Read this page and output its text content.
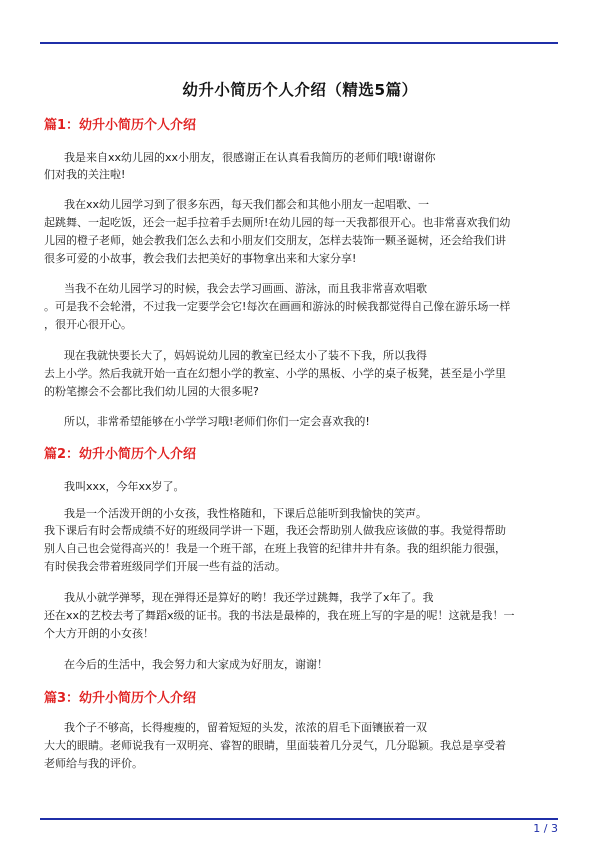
幼升小简历个人介绍（精选5篇）
篇1：幼升小简历个人介绍
我是来自xx幼儿园的xx小朋友，很感谢正在认真看我简历的老师们哦!谢谢你
们对我的关注啦!
我在xx幼儿园学习到了很多东西，每天我们都会和其他小朋友一起唱歌、一
起跳舞、一起吃饭，还会一起手拉着手去厕所!在幼儿园的每一天我都很开心。也非常喜欢我们幼
儿园的橙子老师，她会教我们怎么去和小朋友们交朋友，怎样去装饰一颗圣诞树，还会给我们讲
很多可爱的小故事，教会我们去把美好的事物拿出来和大家分享!
当我不在幼儿园学习的时候，我会去学习画画、游泳，而且我非常喜欢唱歌
。可是我不会轮滑，不过我一定要学会它!每次在画画和游泳的时候我都觉得自己像在游乐场一样
，很开心很开心。
现在我就快要长大了，妈妈说幼儿园的教室已经太小了装不下我，所以我得
去上小学。然后我就开始一直在幻想小学的教室、小学的黑板、小学的桌子板凳，甚至是小学里
的粉笔擦会不会都比我们幼儿园的大很多呢?
所以，非常希望能够在小学学习哦!老师们你们一定会喜欢我的!
篇2：幼升小简历个人介绍
我叫xxx，今年xx岁了。
我是一个活泼开朗的小女孩，我性格随和，下课后总能听到我愉快的笑声。
我下课后有时会帮成绩不好的班级同学讲一下题，我还会帮助别人做我应该做的事。我觉得帮助
别人自己也会觉得高兴的！我是一个班干部，在班上我管的纪律井井有条。我的组织能力很强，
有时侯我会带着班级同学们开展一些有益的活动。
我从小就学弹琴，现在弹得还是算好的哟！我还学过跳舞，我学了x年了。我
还在xx的艺校去考了舞蹈x级的证书。我的书法是最棒的，我在班上写的字是的呢！这就是我！一
个大方开朗的小女孩！
在今后的生活中，我会努力和大家成为好朋友，谢谢！
篇3：幼升小简历个人介绍
我个子不够高，长得瘦瘦的，留着短短的头发，浓浓的眉毛下面镶嵌着一双
大大的眼睛。老师说我有一双明亮、睿智的眼睛，里面装着几分灵气，几分聪颖。我总是享受着
老师给与我的评价。
1 / 3
